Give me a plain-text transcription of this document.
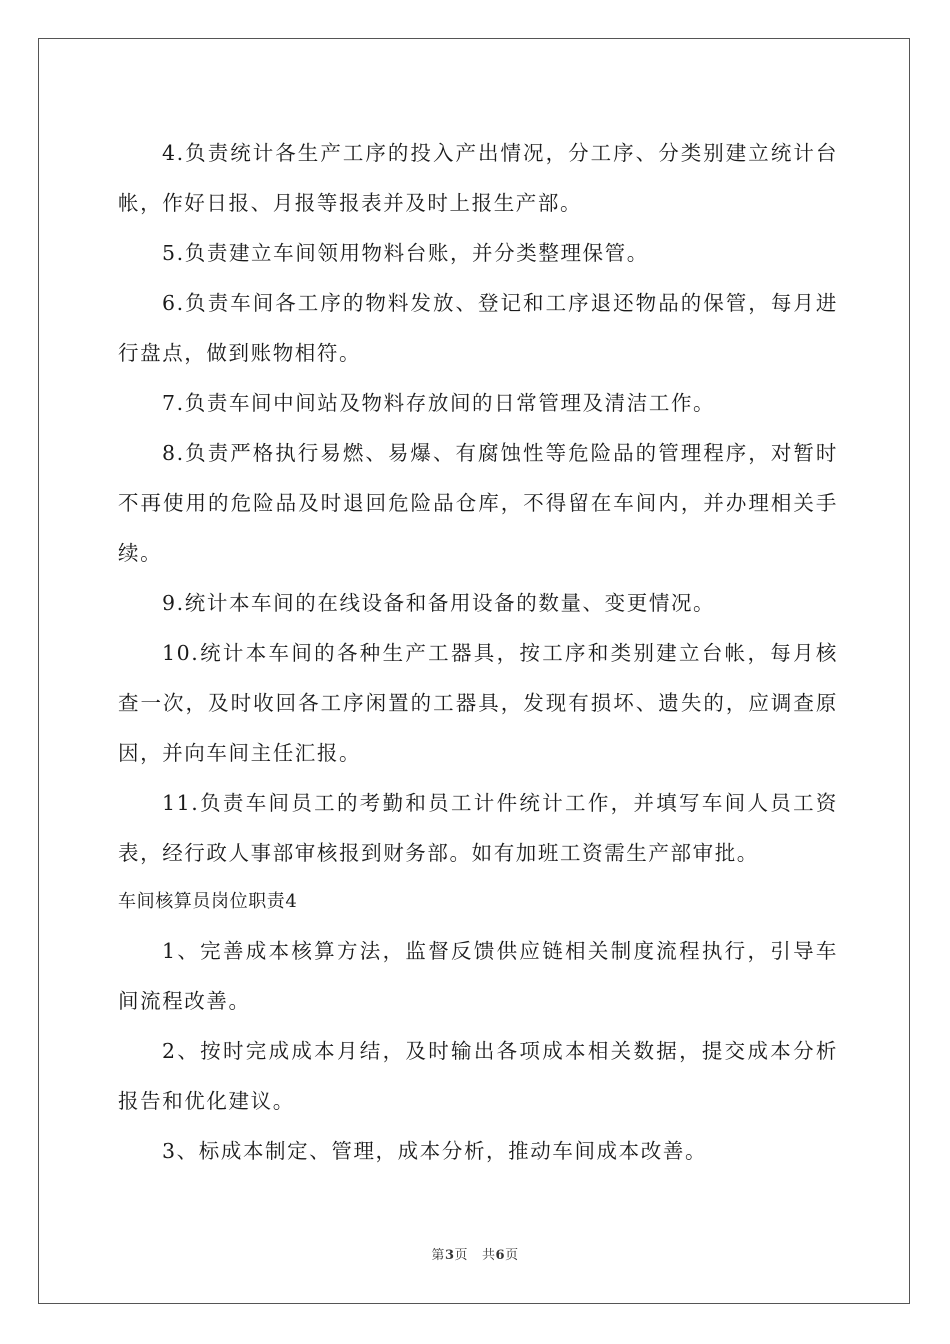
4.负责统计各生产工序的投入产出情况，分工序、分类别建立统计台帐，作好日报、月报等报表并及时上报生产部。

5.负责建立车间领用物料台账，并分类整理保管。

6.负责车间各工序的物料发放、登记和工序退还物品的保管，每月进行盘点，做到账物相符。

7.负责车间中间站及物料存放间的日常管理及清洁工作。

8.负责严格执行易燃、易爆、有腐蚀性等危险品的管理程序，对暂时不再使用的危险品及时退回危险品仓库，不得留在车间内，并办理相关手续。

9.统计本车间的在线设备和备用设备的数量、变更情况。

10.统计本车间的各种生产工器具，按工序和类别建立台帐，每月核查一次，及时收回各工序闲置的工器具，发现有损坏、遗失的，应调查原因，并向车间主任汇报。

11.负责车间员工的考勤和员工计件统计工作，并填写车间人员工资表，经行政人事部审核报到财务部。如有加班工资需生产部审批。

车间核算员岗位职责4

1、完善成本核算方法，监督反馈供应链相关制度流程执行，引导车间流程改善。

2、按时完成成本月结，及时输出各项成本相关数据，提交成本分析报告和优化建议。

3、标成本制定、管理，成本分析，推动车间成本改善。

第3页 共6页
